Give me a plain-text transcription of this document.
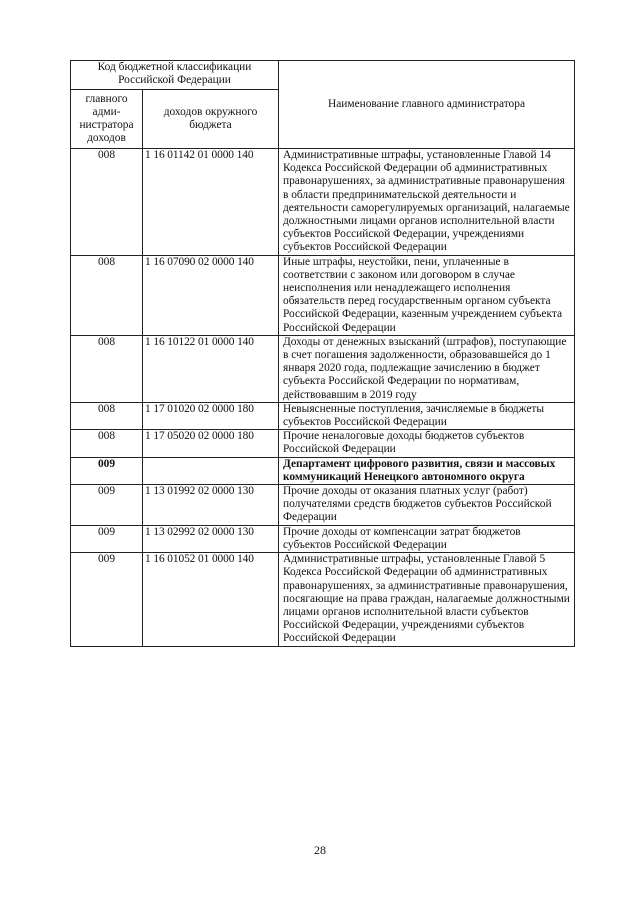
Код бюджетной классификации Российской Федерации		Наименование главного администратора
главного адми-нистратора доходов	доходов окружного бюджета	
008	1 16 01142 01 0000 140	Административные штрафы, установленные Главой 14 Кодекса Российской Федерации об административных правонарушениях, за административные правонарушения в области предпринимательской деятельности и деятельности саморегулируемых организаций, налагаемые должностными лицами органов исполнительной власти субъектов Российской Федерации, учреждениями субъектов Российской Федерации
008	1 16 07090 02 0000 140	Иные штрафы, неустойки, пени, уплаченные в соответствии с законом или договором в случае неисполнения или ненадлежащего исполнения обязательств перед государственным органом субъекта Российской Федерации, казенным учреждением субъекта Российской Федерации
008	1 16 10122 01 0000 140	Доходы от денежных взысканий (штрафов), поступающие в счет погашения задолженности, образовавшейся до 1 января 2020 года, подлежащие зачислению в бюджет субъекта Российской Федерации по нормативам, действовавшим в 2019 году
008	1 17 01020 02 0000 180	Невыясненные поступления, зачисляемые в бюджеты субъектов Российской Федерации
008	1 17 05020 02 0000 180	Прочие неналоговые доходы бюджетов субъектов Российской Федерации
009		Департамент цифрового развития, связи и массовых коммуникаций Ненецкого автономного округа
009	1 13 01992 02 0000 130	Прочие доходы от оказания платных услуг (работ) получателями средств бюджетов субъектов Российской Федерации
009	1 13 02992 02 0000 130	Прочие доходы от компенсации затрат бюджетов субъектов Российской Федерации
009	1 16 01052 01 0000 140	Административные штрафы, установленные Главой 5 Кодекса Российской Федерации об административных правонарушениях, за административные правонарушения, посягающие на права граждан, налагаемые должностными лицами органов исполнительной власти субъектов Российской Федерации, учреждениями субъектов Российской Федерации
28
